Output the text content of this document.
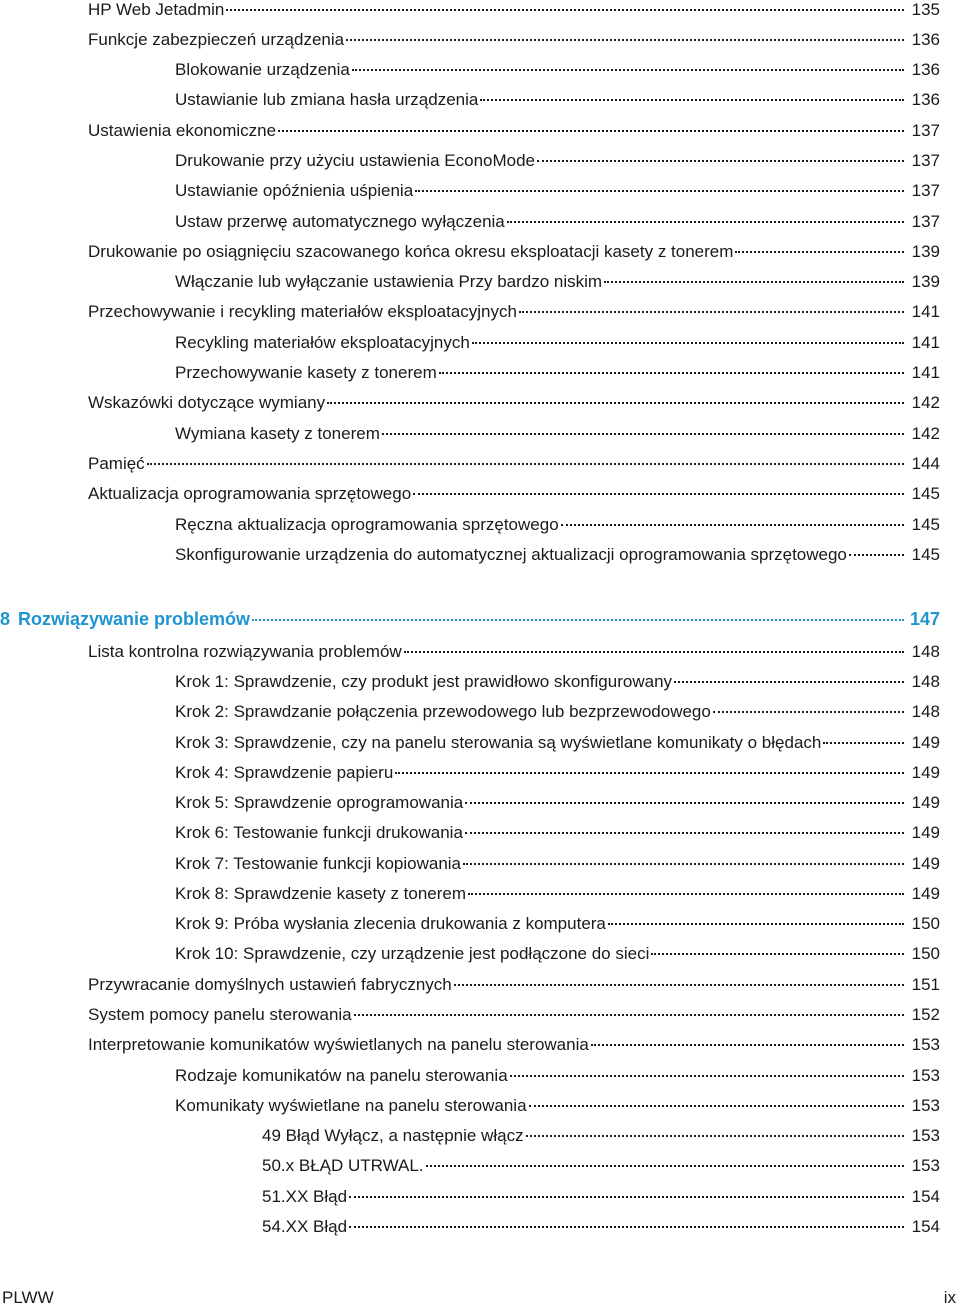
HP Web Jetadmin	135
Funkcje zabezpieczeń urządzenia	136
Blokowanie urządzenia	136
Ustawianie lub zmiana hasła urządzenia	136
Ustawienia ekonomiczne	137
Drukowanie przy użyciu ustawienia EconoMode	137
Ustawianie opóźnienia uśpienia	137
Ustaw przerwę automatycznego wyłączenia	137
Drukowanie po osiągnięciu szacowanego końca okresu eksploatacji kasety z tonerem	139
Włączanie lub wyłączanie ustawienia Przy bardzo niskim	139
Przechowywanie i recykling materiałów eksploatacyjnych	141
Recykling materiałów eksploatacyjnych	141
Przechowywanie kasety z tonerem	141
Wskazówki dotyczące wymiany	142
Wymiana kasety z tonerem	142
Pamięć	144
Aktualizacja oprogramowania sprzętowego	145
Ręczna aktualizacja oprogramowania sprzętowego	145
Skonfigurowanie urządzenia do automatycznej aktualizacji oprogramowania sprzętowego	145
8 Rozwiązywanie problemów	147
Lista kontrolna rozwiązywania problemów	148
Krok 1: Sprawdzenie, czy produkt jest prawidłowo skonfigurowany	148
Krok 2: Sprawdzanie połączenia przewodowego lub bezprzewodowego	148
Krok 3: Sprawdzenie, czy na panelu sterowania są wyświetlane komunikaty o błędach	149
Krok 4: Sprawdzenie papieru	149
Krok 5: Sprawdzenie oprogramowania	149
Krok 6: Testowanie funkcji drukowania	149
Krok 7: Testowanie funkcji kopiowania	149
Krok 8: Sprawdzenie kasety z tonerem	149
Krok 9: Próba wysłania zlecenia drukowania z komputera	150
Krok 10: Sprawdzenie, czy urządzenie jest podłączone do sieci	150
Przywracanie domyślnych ustawień fabrycznych	151
System pomocy panelu sterowania	152
Interpretowanie komunikatów wyświetlanych na panelu sterowania	153
Rodzaje komunikatów na panelu sterowania	153
Komunikaty wyświetlane na panelu sterowania	153
49 Błąd Wyłącz, a następnie włącz	153
50.x BŁĄD UTRWAL.	153
51.XX Błąd	154
54.XX Błąd	154
PLWW	ix
